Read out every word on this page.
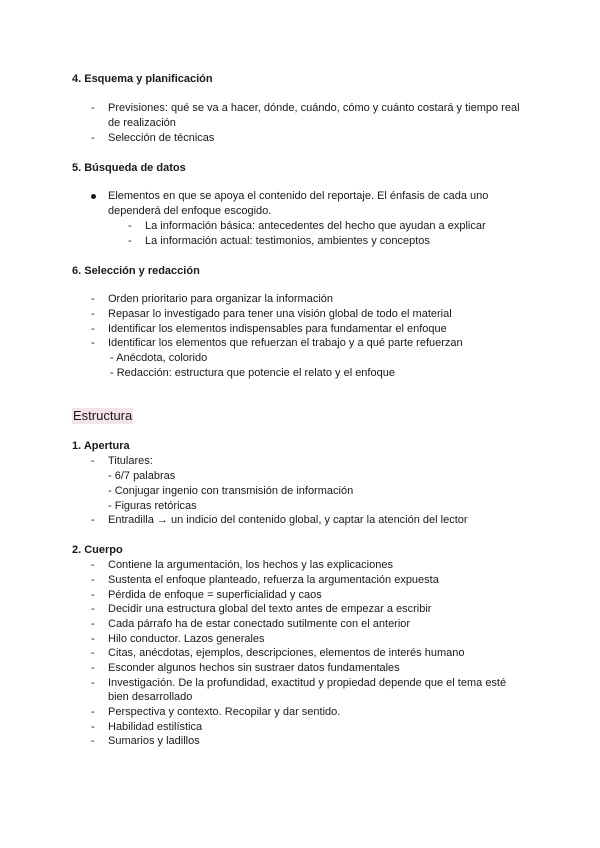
4. Esquema y planificación
- Previsiones: qué se va a hacer, dónde, cuándo, cómo y cuánto costará y tiempo real
de realización
- Selección de técnicas
5. Búsqueda de datos
Elementos en que se apoya el contenido del reportaje. El énfasis de cada uno
dependerá del enfoque escogido.
- La información básica: antecedentes del hecho que ayudan a explicar
- La información actual: testimonios, ambientes y conceptos
6. Selección y redacción
- Orden prioritario para organizar la información
- Repasar lo investigado para tener una visión global de todo el material
- Identificar los elementos indispensables para fundamentar el enfoque
- Identificar los elementos que refuerzan el trabajo y a qué parte refuerzan
- Anécdota, colorido
- Redacción: estructura que potencie el relato y el enfoque
Estructura
1. Apertura
- Titulares:
- 6/7 palabras
- Conjugar ingenio con transmisión de información
- Figuras retóricas
- Entradilla → un indicio del contenido global, y captar la atención del lector
2. Cuerpo
- Contiene la argumentación, los hechos y las explicaciones
- Sustenta el enfoque planteado, refuerza la argumentación expuesta
- Pérdida de enfoque = superficialidad y caos
- Decidir una estructura global del texto antes de empezar a escribir
- Cada párrafo ha de estar conectado sutilmente con el anterior
- Hilo conductor. Lazos generales
- Citas, anécdotas, ejemplos, descripciones, elementos de interés humano
- Esconder algunos hechos sin sustraer datos fundamentales
- Investigación. De la profundidad, exactitud y propiedad depende que el tema esté
bien desarrollado
- Perspectiva y contexto. Recopilar y dar sentido.
- Habilidad estilística
- Sumarios y ladillos
